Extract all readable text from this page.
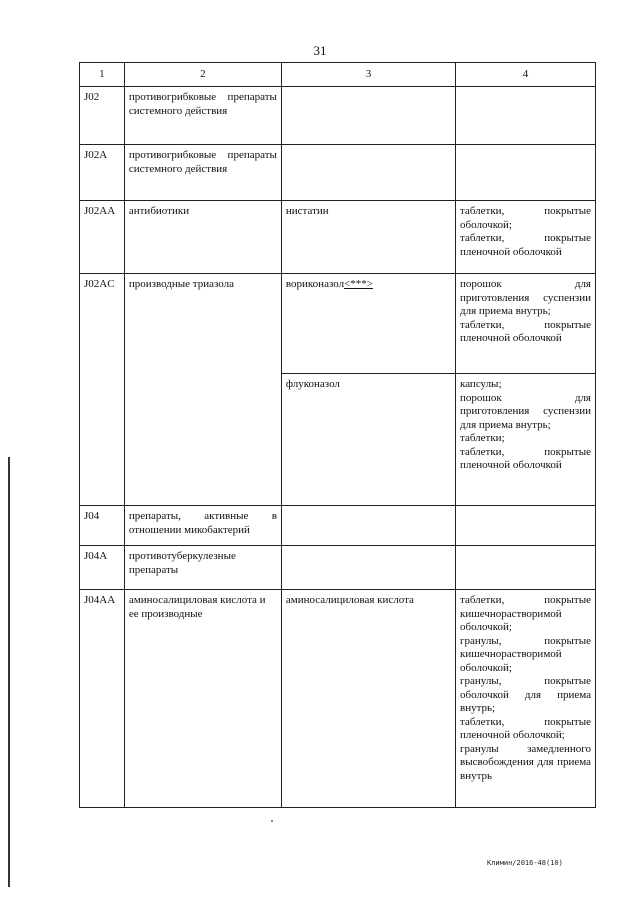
31
1	2	3	4
J02	противогрибковые препараты системного действия		
J02A	противогрибковые препараты системного действия		
J02AA	антибиотики	нистатин	таблетки, покрытые оболочкой;
таблетки, покрытые пленочной оболочкой

J02AC	производные триазола	вориконазол<***>	порошок для приготовления суспензии для приема внутрь;
таблетки, покрытые пленочной оболочкой

		флуконазол	капсулы;
порошок для приготовления суспензии для приема внутрь;
таблетки;
таблетки, покрытые пленочной оболочкой

J04	препараты, активные в отношении микобактерий		
J04A	противотуберкулезные препараты		
J04AA	аминосалициловая кислота и ее производные	аминосалициловая кислота	таблетки, покрытые кишечнорастворимой оболочкой;
гранулы, покрытые кишечнорастворимой оболочкой;
гранулы, покрытые оболочкой для приема внутрь;
таблетки, покрытые пленочной оболочкой;
гранулы замедленного высвобождения для приема внутрь
Климин/2016-48(10)
